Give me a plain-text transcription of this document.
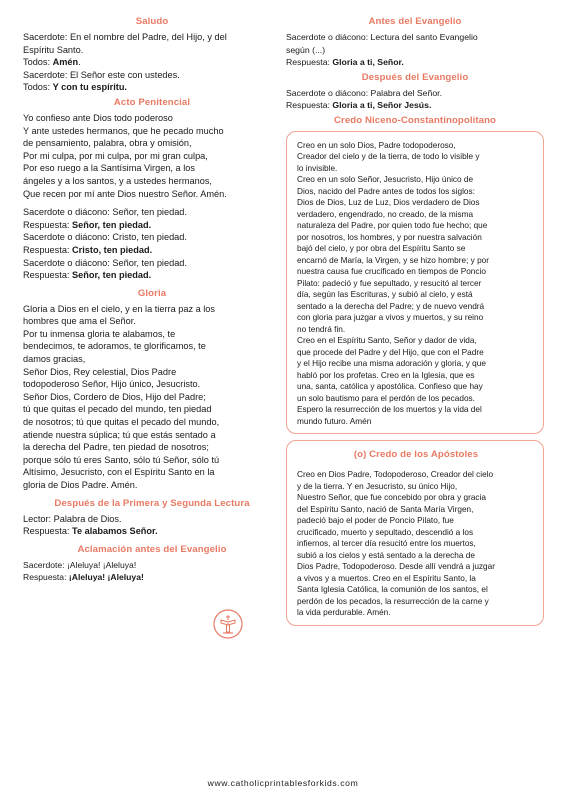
Saludo

Sacerdote: En el nombre del Padre, del Hijo, y del

Espíritu Santo.

Todos: Amén.

Sacerdote: El Señor este con ustedes.

Todos: Y con tu espíritu.

Acto Penitencial

Yo confieso ante Dios todo poderoso

Y ante ustedes hermanos, que he pecado mucho

de pensamiento, palabra, obra y omisión,

Por mi culpa, por mi culpa, por mi gran culpa,

Por eso ruego a la Santísima Virgen, a los

ángeles y a los santos, y a ustedes hermanos,

Que recen por mí ante Dios nuestro Señor. Amén.

Sacerdote o diácono: Señor, ten piedad.

Respuesta: Señor, ten piedad.

Sacerdote o diácono: Cristo, ten piedad.

Respuesta: Cristo, ten piedad.

Sacerdote o diácono: Señor, ten piedad.

Respuesta: Señor, ten piedad.

Gloria

Gloria a Dios en el cielo, y en la tierra paz a los

hombres que ama el Señor.

Por tu inmensa gloria te alabamos, te

bendecimos, te adoramos, te glorificamos, te

damos gracias,

Señor Dios, Rey celestial, Dios Padre

todopoderoso Señor, Hijo único, Jesucristo.

Señor Dios, Cordero de Dios, Hijo del Padre;

tú que quitas el pecado del mundo, ten piedad

de nosotros; tú que quitas el pecado del mundo,

atiende nuestra súplica; tú que estás sentado a

la derecha del Padre, ten piedad de nosotros;

porque sólo tú eres Santo, sólo tú Señor, sólo tú

Altísimo, Jesucristo, con el Espíritu Santo en la

gloria de Dios Padre. Amén.

Después de la Primera y Segunda Lectura

Lector: Palabra de Dios.

Respuesta: Te alabamos Señor.

Aclamación antes del Evangelio

Sacerdote: ¡Aleluya! ¡Aleluya!

Respuesta: ¡Aleluya! ¡Aleluya!

Antes del Evangelio

Sacerdote o diácono: Lectura del santo Evangelio

según (...)

Respuesta: Gloria a ti, Señor.

Después del Evangelio

Sacerdote o diácono: Palabra del Señor.

Respuesta: Gloria a ti, Señor Jesús.

Credo Niceno-Constantinopolitano

Creo en un solo Dios, Padre todopoderoso,

Creador del cielo y de la tierra, de todo lo visible y

lo invisible.

Creo en un solo Señor, Jesucristo, Hijo único de

Dios, nacido del Padre antes de todos los siglos:

Dios de Dios, Luz de Luz, Dios verdadero de Dios

verdadero, engendrado, no creado, de la misma

naturaleza del Padre, por quien todo fue hecho; que

por nosotros, los hombres, y por nuestra salvación

bajó del cielo, y por obra del Espíritu Santo se

encarnó de María, la Virgen, y se hizo hombre; y por

nuestra causa fue crucificado en tiempos de Poncio

Pilato: padeció y fue sepultado, y resucitó al tercer

día, según las Escrituras, y subió al cielo, y está

sentado a la derecha del Padre; y de nuevo vendrá

con gloria para juzgar a vivos y muertos, y su reino

no tendrá fin.

Creo en el Espíritu Santo, Señor y dador de vida,

que procede del Padre y del Hijo, que con el Padre

y el Hijo recibe una misma adoración y gloria, y que

habló por los profetas. Creo en la Iglesia, que es

una, santa, católica y apostólica. Confieso que hay

un solo bautismo para el perdón de los pecados.

Espero la resurrección de los muertos y la vida del

mundo futuro. Amén

(o) Credo de los Apóstoles

Creo en Dios Padre, Todopoderoso, Creador del cielo

y de la tierra. Y en Jesucristo, su único Hijo,

Nuestro Señor, que fue concebido por obra y gracia

del Espíritu Santo, nació de Santa María Virgen,

padeció bajo el poder de Poncio Pilato, fue

crucificado, muerto y sepultado, descendió a los

infiernos, al tercer día resucitó entre los muertos,

subió a los cielos y está sentado a la derecha de

Dios Padre, Todopoderoso. Desde allí vendrá a juzgar

a vivos y a muertos. Creo en el Espíritu Santo, la

Santa Iglesia Católica, la comunión de los santos, el

perdón de los pecados, la resurrección de la carne y

la vida perdurable. Amén.

www.catholicprintablesforkids.com
